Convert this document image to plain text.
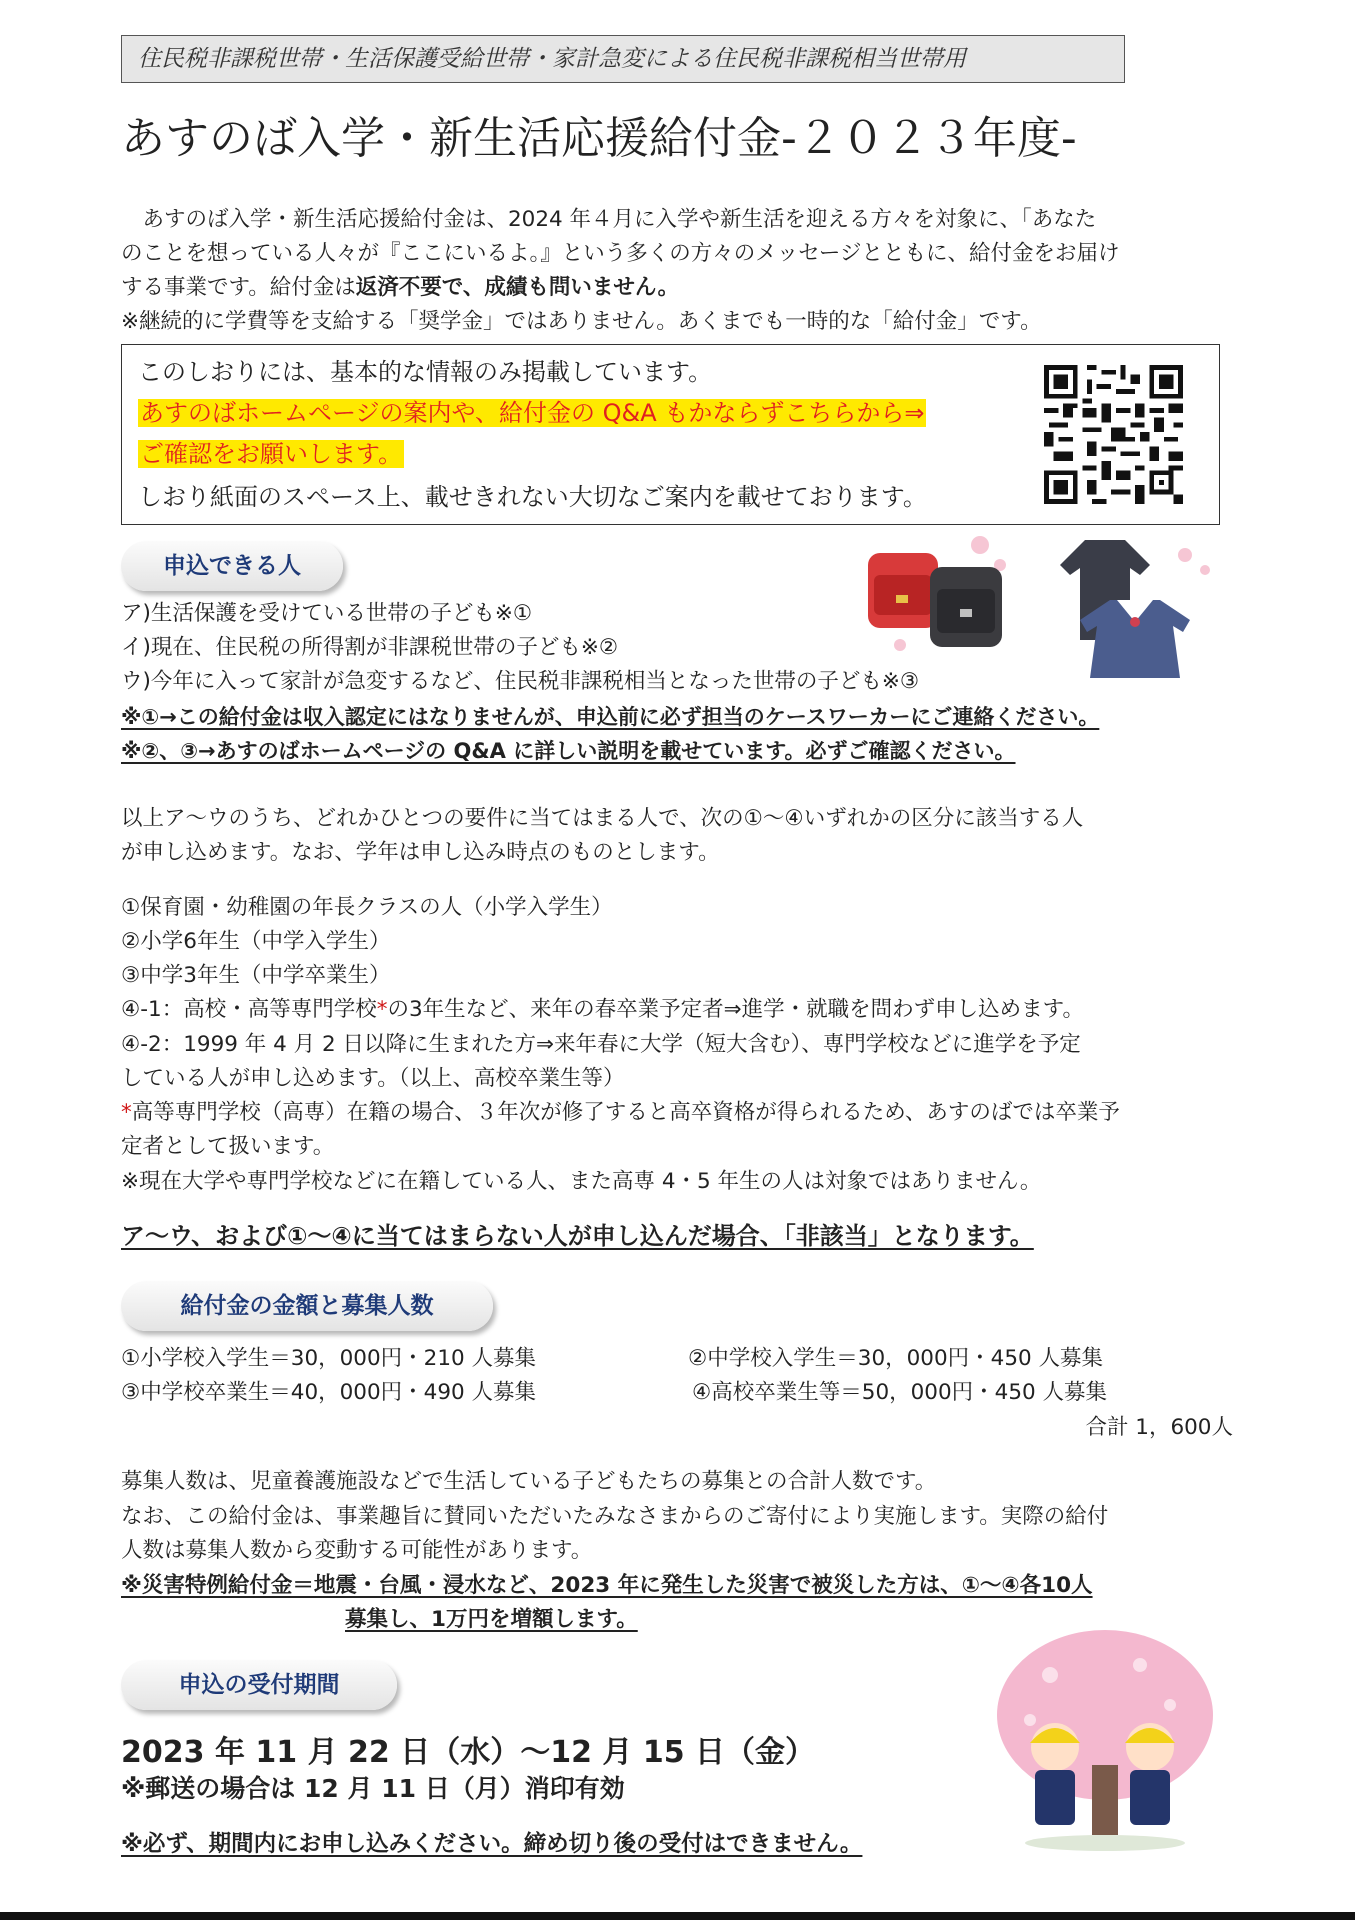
住民税非課税世帯・生活保護受給世帯・家計急変による住民税非課税相当世帯用
あすのば入学・新生活応援給付金-２０２３年度-
　あすのば入学・新生活応援給付金は、2024 年４月に入学や新生活を迎える方々を対象に、「あなた
のことを想っている人々が『ここにいるよ。』という多くの方々のメッセージとともに、給付金をお届け
する事業です。給付金は返済不要で、成績も問いません。
※継続的に学費等を支給する「奨学金」ではありません。あくまでも一時的な「給付金」です。
このしおりには、基本的な情報のみ掲載しています。
あすのばホームページの案内や、給付金の Q&A もかならずこちらから⇒
ご確認をお願いします。
しおり紙面のスペース上、載せきれない大切なご案内を載せております。
申込できる人
ア)生活保護を受けている世帯の子ども※①
イ)現在、住民税の所得割が非課税世帯の子ども※②
ウ)今年に入って家計が急変するなど、住民税非課税相当となった世帯の子ども※③
※①→この給付金は収入認定にはなりませんが、申込前に必ず担当のケースワーカーにご連絡ください。
※②、③→あすのばホームページの Q&A に詳しい説明を載せています。必ずご確認ください。
以上ア～ウのうち、どれかひとつの要件に当てはまる人で、次の①～④いずれかの区分に該当する人
が申し込めます。なお、学年は申し込み時点のものとします。
①保育園・幼稚園の年長クラスの人（小学入学生）
②小学6年生（中学入学生）
③中学3年生（中学卒業生）
④-1：高校・高等専門学校*の3年生など、来年の春卒業予定者⇒進学・就職を問わず申し込めます。
④-2：1999 年 4 月 2 日以降に生まれた方⇒来年春に大学（短大含む）、専門学校などに進学を予定
している人が申し込めます。（以上、高校卒業生等）
*高等専門学校（高専）在籍の場合、３年次が修了すると高卒資格が得られるため、あすのばでは卒業予
定者として扱います。
※現在大学や専門学校などに在籍している人、また高専 4・5 年生の人は対象ではありません。
ア～ウ、および①～④に当てはまらない人が申し込んだ場合、「非該当」となります。
給付金の金額と募集人数
①小学校入学生＝30，000円・210 人募集	②中学校入学生＝30，000円・450 人募集
③中学校卒業生＝40，000円・490 人募集	④高校卒業生等＝50，000円・450 人募集
合計 1，600人
募集人数は、児童養護施設などで生活している子どもたちの募集との合計人数です。
なお、この給付金は、事業趣旨に賛同いただいたみなさまからのご寄付により実施します。実際の給付
人数は募集人数から変動する可能性があります。
※災害特例給付金＝地震・台風・浸水など、2023 年に発生した災害で被災した方は、①～④各10人
募集し、1万円を増額します。
申込の受付期間
2023 年 11 月 22 日（水）～12 月 15 日（金）
※郵送の場合は 12 月 11 日（月）消印有効
※必ず、期間内にお申し込みください。締め切り後の受付はできません。
